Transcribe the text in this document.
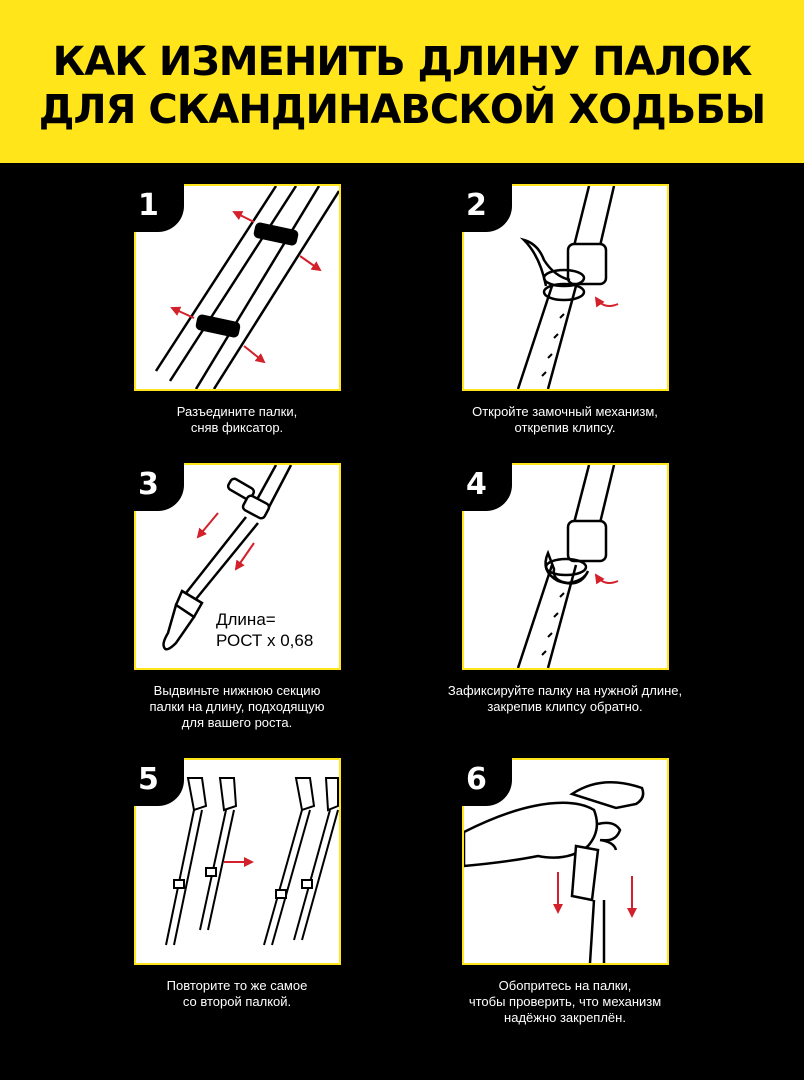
КАК ИЗМЕНИТЬ ДЛИНУ ПАЛОК
ДЛЯ СКАНДИНАВСКОЙ ХОДЬБЫ
1
Разъедините палки,
сняв фиксатор.
2
Откройте замочный механизм,
открепив клипсу.
Длина=
РОСТ х 0,68
3
Выдвиньте нижнюю секцию
палки на длину, подходящую
для вашего роста.
4
Зафиксируйте палку на нужной длине,
закрепив клипсу обратно.
5
Повторите то же самое
со второй палкой.
6
Обопритесь на палки,
чтобы проверить, что механизм
надёжно закреплён.
